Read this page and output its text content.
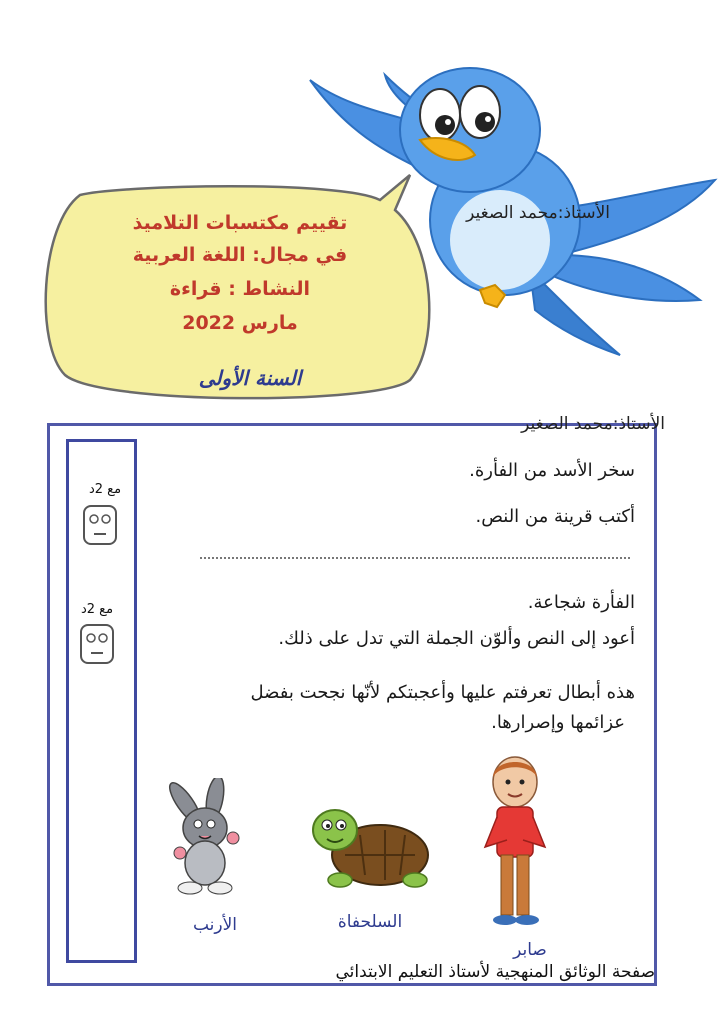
تقييم مكتسبات التلاميذ
في مجال: اللغة العربية
النشاط : قراءة
مارس 2022
السنة الأولى
الأستاذ:محمد الصغير
الأستاذ:محمد الصغير
سخر الأسد من الفأرة.
أكتب قرينة من النص.
الفأرة شجاعة.
أعود إلى النص وألوّن الجملة التي تدل على ذلك.
هذه أبطال تعرفتم عليها وأعجبتكم لأنّها نجحت بفضل
عزائمها وإصرارها.
مع 2د
مع 2د
صابر
السلحفاة
الأرنب
صفحة الوثائق المنهجية لأستاذ التعليم الابتدائي
